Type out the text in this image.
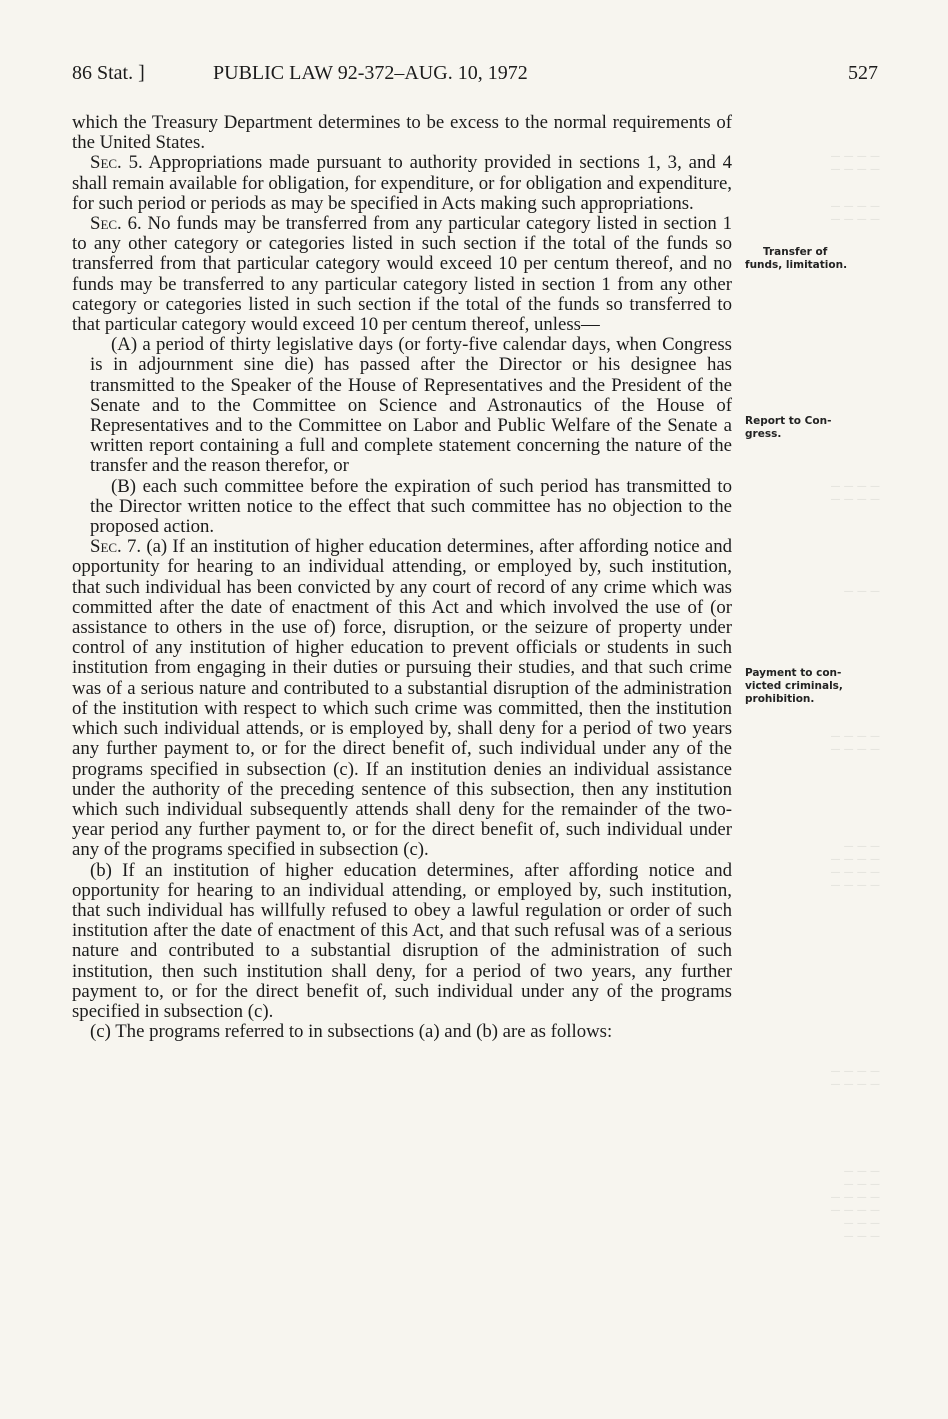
86 Stat. ]	PUBLIC LAW 92-372–AUG. 10, 1972	527

which the Treasury Department determines to be excess to the normal requirements of the United States.

Sec. 5. Appropriations made pursuant to authority provided in sections 1, 3, and 4 shall remain available for obligation, for expenditure, or for obligation and expenditure, for such period or periods as may be specified in Acts making such appropriations.

Sec. 6. No funds may be transferred from any particular category listed in section 1 to any other category or categories listed in such section if the total of the funds so transferred from that particular category would exceed 10 per centum thereof, and no funds may be transferred to any particular category listed in section 1 from any other category or categories listed in such section if the total of the funds so transferred to that particular category would exceed 10 per centum thereof, unless—

(A) a period of thirty legislative days (or forty-five calendar days, when Congress is in adjournment sine die) has passed after the Director or his designee has transmitted to the Speaker of the House of Representatives and the President of the Senate and to the Committee on Science and Astronautics of the House of Representatives and to the Committee on Labor and Public Welfare of the Senate a written report containing a full and complete statement concerning the nature of the transfer and the reason therefor, or

(B) each such committee before the expiration of such period has transmitted to the Director written notice to the effect that such committee has no objection to the proposed action.

Sec. 7. (a) If an institution of higher education determines, after affording notice and opportunity for hearing to an individual attending, or employed by, such institution, that such individual has been convicted by any court of record of any crime which was committed after the date of enactment of this Act and which involved the use of (or assistance to others in the use of) force, disruption, or the seizure of property under control of any institution of higher education to prevent officials or students in such institution from engaging in their duties or pursuing their studies, and that such crime was of a serious nature and contributed to a substantial disruption of the administration of the institution with respect to which such crime was committed, then the institution which such individual attends, or is employed by, shall deny for a period of two years any further payment to, or for the direct benefit of, such individual under any of the programs specified in subsection (c). If an institution denies an individual assistance under the authority of the preceding sentence of this subsection, then any institution which such individual subsequently attends shall deny for the remainder of the two-year period any further payment to, or for the direct benefit of, such individual under any of the programs specified in subsection (c).

(b) If an institution of higher education determines, after affording notice and opportunity for hearing to an individual attending, or employed by, such institution, that such individual has willfully refused to obey a lawful regulation or order of such institution after the date of enactment of this Act, and that such refusal was of a serious nature and contributed to a substantial disruption of the administration of such institution, then such institution shall deny, for a period of two years, any further payment to, or for the direct benefit of, such individual under any of the programs specified in subsection (c).

(c) The programs referred to in subsections (a) and (b) are as follows:

— — — —
— — — —
— — — —
— — — —
— — — —
— — — —
— — —
— — — —
— — — —
— — —
— — — —
— — — —
— — — —
— — — —
— — — —
— — —
— — —
— — — —
— — — —
— — —
— — —
Transfer of
funds, limitation.
Report to Con-
gress.
Payment to con-
victed criminals,
prohibition.
